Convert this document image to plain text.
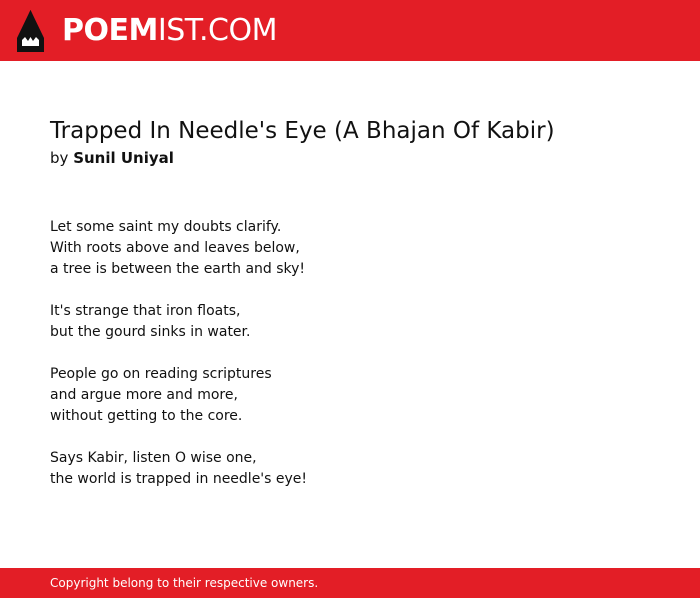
POEMIST.COM
Trapped In Needle's Eye (A Bhajan Of Kabir)
by Sunil Uniyal

Let some saint my doubts clarify.
With roots above and leaves below,
a tree is between the earth and sky!

It's strange that iron floats,
but the gourd sinks in water.

People go on reading scriptures
and argue more and more,
without getting to the core.

Says Kabir, listen O wise one,
the world is trapped in needle's eye!

Copyright belong to their respective owners.
